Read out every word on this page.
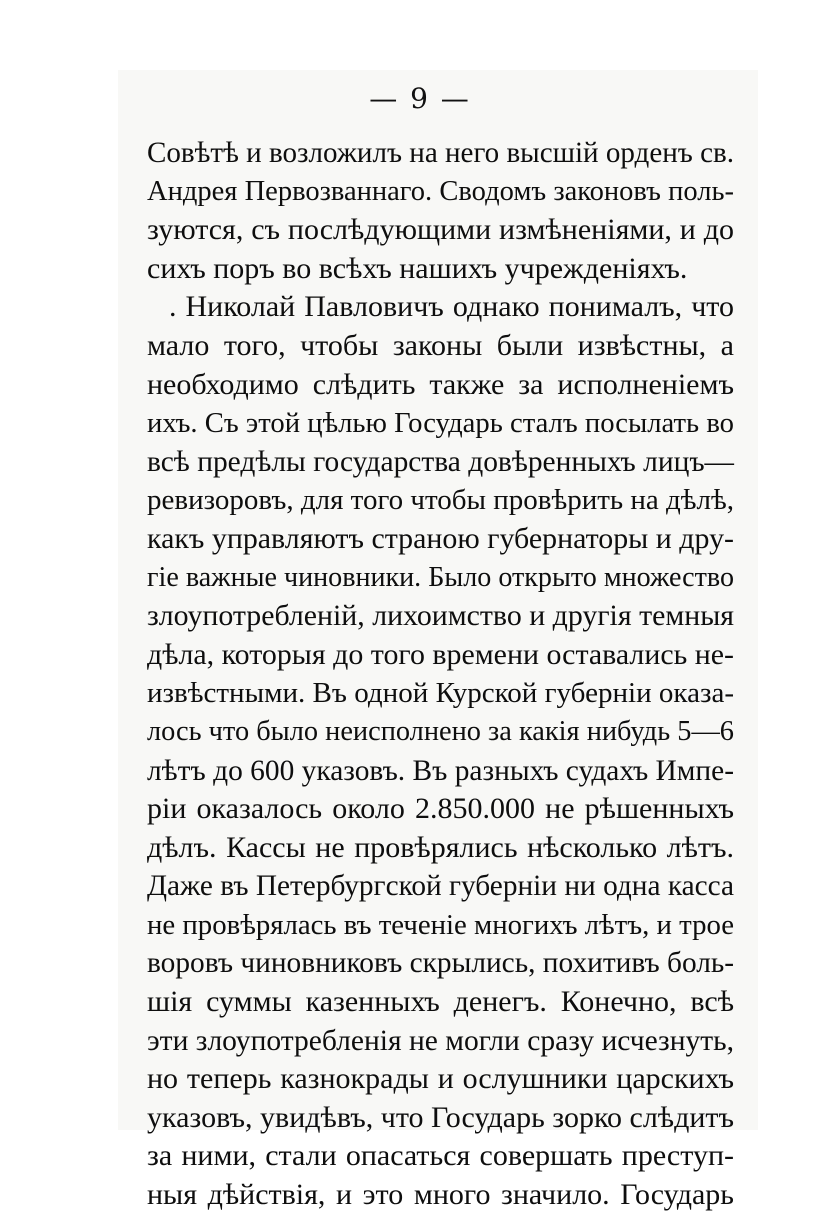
— 9 —
Совѣтѣ и возложилъ на него высшій орденъ св.
Андрея Первозваннаго. Сводомъ законовъ поль-
зуются, съ послѣдующими измѣненіями, и до
сихъ поръ во всѣхъ нашихъ учрежденіяхъ.
. Николай Павловичъ однако понималъ, что
мало того, чтобы законы были извѣстны, а
необходимо слѣдить также за исполненіемъ
ихъ. Съ этой цѣлью Государь сталъ посылать во
всѣ предѣлы государства довѣренныхъ лицъ—
ревизоровъ, для того чтобы провѣрить на дѣлѣ,
какъ управляютъ страною губернаторы и дру-
гіе важные чиновники. Было открыто множество
злоупотребленій, лихоимство и другія темныя
дѣла, которыя до того времени оставались не-
извѣстными. Въ одной Курской губерніи оказа-
лось что было неисполнено за какія нибудь 5—6
лѣтъ до 600 указовъ. Въ разныхъ судахъ Импе-
ріи оказалось около 2.850.000 не рѣшенныхъ
дѣлъ. Кассы не провѣрялись нѣсколько лѣтъ.
Даже въ Петербургской губерніи ни одна касса
не провѣрялась въ теченіе многихъ лѣтъ, и трое
воровъ чиновниковъ скрылись, похитивъ боль-
шія суммы казенныхъ денегъ. Конечно, всѣ
эти злоупотребленія не могли сразу исчезнуть,
но теперь казнокрады и ослушники царскихъ
указовъ, увидѣвъ, что Государь зорко слѣдитъ
за ними, стали опасаться совершать преступ-
ныя дѣйствія, и это много значило. Государь
